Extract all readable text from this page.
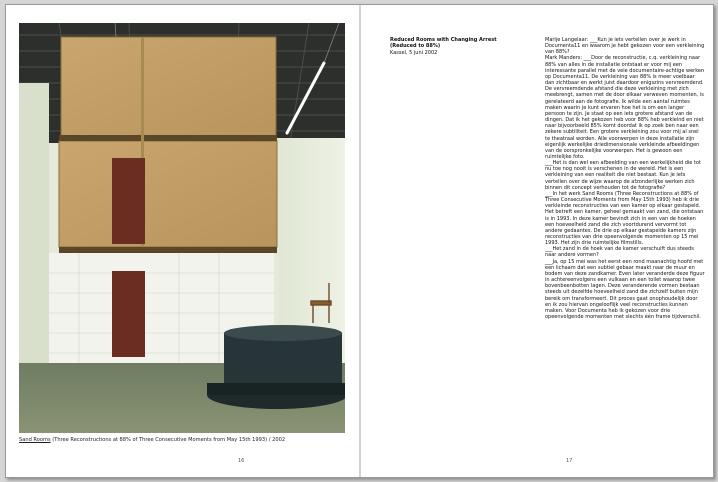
Sand Rooms (Three Reconstructions at 88% of Three Consecutive Moments from May 15th 1993) / 2002
16
Reduced Rooms with Changing Arrest
(Reduced to 88%)
Kassel, 5 juni 2002

Marije Langelaar: ___Kun je iets vertellen over je werk in Documenta11 en waarom je hebt gekozen voor een verkleining van 88%?

Mark Manders: ___Door de reconstructie, c.q. verkleining naar 88% van alles in de installatie ontstaat er voor mij een interessante parallel met de vele documentaire-achtige werken op Documenta11. De verkleining van 88% is meer voelbaar dan zichtbaar en werkt juist daardoor enigszins vervreemdend. De vervreemdende afstand die deze verkleining met zich meebrengt, samen met de door elkaar verweven momenten, is gerelateerd aan de fotografie. Ik wilde een aantal ruimtes maken waarin je kunt ervaren hoe het is om een langer persoon te zijn. Je staat op een iets grotere afstand van de dingen. Dat ik het gekozen heb voor 88% heb verkleind en niet naar bijvoorbeeld 85% komt doordat ik op zoek ben naar een zekere subtiliteit. Een grotere verkleining zou voor mij al snel te theatraal worden. Alle voorwerpen in deze installatie zijn eigenlijk werkelijke driedimensionale verkleinde afbeeldingen van de oorspronkelijke voorwerpen. Het is gewoon een ruimtelijke foto.

___Het is dan wel een afbeelding van een werkelijkheid die tot nu toe nog nooit is verschenen in de wereld. Het is een verkleining van een realiteit die niet bestaat. Kun je iets vertellen over de wijze waarop de afzonderlijke werken zich binnen dit concept verhouden tot de fotografie?

___In het werk Sand Rooms (Three Reconstructions at 88% of Three Consecutive Moments from May 15th 1993) heb ik drie verkleinde reconstructies van een kamer op elkaar gestapeld. Het betreft een kamer, geheel gemaakt van zand, die ontstaan is in 1993. In deze kamer bevindt zich in een van de hoeken een hoeveelheid zand die zich voortdurend vervormt tot andere gedaantes. De drie op elkaar gestapelde kamers zijn reconstructies van drie opeenvolgende momenten op 15 mei 1993. Het zijn drie ruimtelijke filmstills.

___Het zand in de hoek van de kamer verschuift dus steeds naar andere vormen?

___Ja, op 15 mei was het eerst een rond maanachtig hoofd met een lichaam dat een subtiel gebaar maakt naar de muur en bodem van deze zandkamer. Even later veranderde deze figuur in achtereenvolgens een vulkaan en een toilet waarop twee bovenbeenbotten lagen. Deze veranderende vormen bestaan steeds uit dezelfde hoeveelheid zand die zichzelf buiten mijn bereik om transformeert. Dit proces gaat onophoudelijk door en ik zou hiervan ongelooflijk veel reconstructies kunnen maken. Voor Documenta heb ik gekozen voor drie opeenvolgende momenten met slechts één frame tijdverschil.

17
